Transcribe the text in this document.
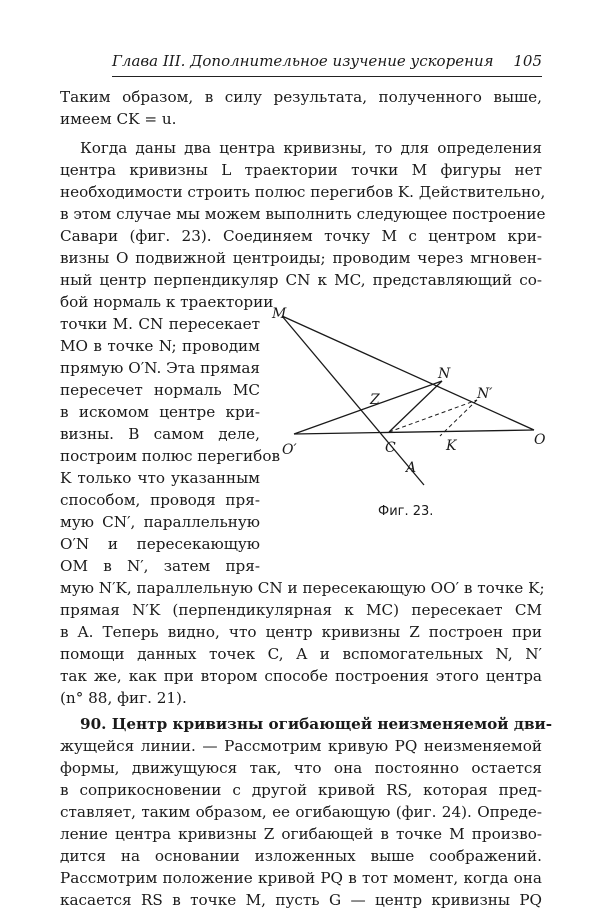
Глава III. Дополнительное изучение ускорения 105
Таким образом, в силу результата, полученного выше,
имеем CK = u.
Когда даны два центра кривизны, то для определения
центра кривизны L траектории точки M фигуры нет
необходимости строить полюс перегибов K. Действительно,
в этом случае мы можем выполнить следующее построение
Савари (фиг. 23). Соединяем точку M с центром кри-
визны O подвижной центроиды; проводим через мгновен-
ный центр перпендикуляр CN к MC, представляющий со-
бой нормаль к траектории
точки M. CN пересекает
MO в точке N; проводим
прямую O′N. Эта прямая
пересечет нормаль MC
в искомом центре кри-
визны. В самом деле,
построим полюс перегибов
K только что указанным
способом, проводя пря-
мую CN′, параллельную
O′N и пересекающую
OM в N′, затем пря-
мую N′K, параллельную CN и пересекающую OO′ в точке K;
прямая N′K (перпендикулярная к MC) пересекает CM
в A. Теперь видно, что центр кривизны Z построен при
помощи данных точек C, A и вспомогательных N, N′
так же, как при втором способе построения этого центра
(n° 88, фиг. 21).
90. Центр кривизны огибающей неизменяемой дви-
жущейся линии. — Рассмотрим кривую PQ неизменяемой
формы, движущуюся так, что она постоянно остается
в соприкосновении с другой кривой RS, которая пред-
ставляет, таким образом, ее огибающую (фиг. 24). Опреде-
ление центра кривизны Z огибающей в точке M произво-
дится на основании изложенных выше соображений.
Рассмотрим положение кривой PQ в тот момент, когда она
касается RS в точке M, пусть G — центр кривизны PQ
M
N
N′
Z
O′	C	K	O
A
Фиг. 23.
